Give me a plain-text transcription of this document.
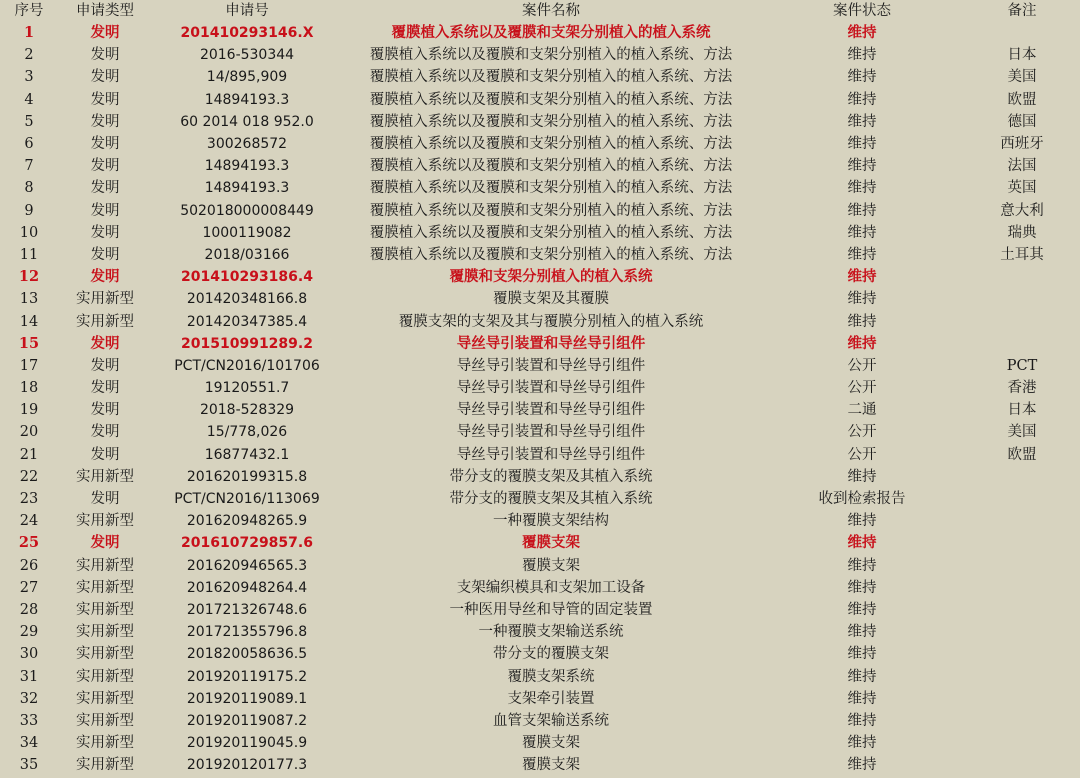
序号	申请类型	申请号	案件名称	案件状态	备注
1	发明	201410293146.X	覆膜植入系统以及覆膜和支架分别植入的植入系统	维持	
2	发明	2016-530344	覆膜植入系统以及覆膜和支架分别植入的植入系统、方法	维持	日本
3	发明	14/895,909	覆膜植入系统以及覆膜和支架分别植入的植入系统、方法	维持	美国
4	发明	14894193.3	覆膜植入系统以及覆膜和支架分别植入的植入系统、方法	维持	欧盟
5	发明	60 2014 018 952.0	覆膜植入系统以及覆膜和支架分别植入的植入系统、方法	维持	德国
6	发明	300268572	覆膜植入系统以及覆膜和支架分别植入的植入系统、方法	维持	西班牙
7	发明	14894193.3	覆膜植入系统以及覆膜和支架分别植入的植入系统、方法	维持	法国
8	发明	14894193.3	覆膜植入系统以及覆膜和支架分别植入的植入系统、方法	维持	英国
9	发明	502018000008449	覆膜植入系统以及覆膜和支架分别植入的植入系统、方法	维持	意大利
10	发明	1000119082	覆膜植入系统以及覆膜和支架分别植入的植入系统、方法	维持	瑞典
11	发明	2018/03166	覆膜植入系统以及覆膜和支架分别植入的植入系统、方法	维持	土耳其
12	发明	201410293186.4	覆膜和支架分别植入的植入系统	维持	
13	实用新型	201420348166.8	覆膜支架及其覆膜	维持	
14	实用新型	201420347385.4	覆膜支架的支架及其与覆膜分别植入的植入系统	维持	
15	发明	201510991289.2	导丝导引装置和导丝导引组件	维持	
17	发明	PCT/CN2016/101706	导丝导引装置和导丝导引组件	公开	PCT
18	发明	19120551.7	导丝导引装置和导丝导引组件	公开	香港
19	发明	2018-528329	导丝导引装置和导丝导引组件	二通	日本
20	发明	15/778,026	导丝导引装置和导丝导引组件	公开	美国
21	发明	16877432.1	导丝导引装置和导丝导引组件	公开	欧盟
22	实用新型	201620199315.8	带分支的覆膜支架及其植入系统	维持	
23	发明	PCT/CN2016/113069	带分支的覆膜支架及其植入系统	收到检索报告	
24	实用新型	201620948265.9	一种覆膜支架结构	维持	
25	发明	201610729857.6	覆膜支架	维持	
26	实用新型	201620946565.3	覆膜支架	维持	
27	实用新型	201620948264.4	支架编织模具和支架加工设备	维持	
28	实用新型	201721326748.6	一种医用导丝和导管的固定装置	维持	
29	实用新型	201721355796.8	一种覆膜支架输送系统	维持	
30	实用新型	201820058636.5	带分支的覆膜支架	维持	
31	实用新型	201920119175.2	覆膜支架系统	维持	
32	实用新型	201920119089.1	支架牵引装置	维持	
33	实用新型	201920119087.2	血管支架输送系统	维持	
34	实用新型	201920119045.9	覆膜支架	维持	
35	实用新型	201920120177.3	覆膜支架	维持	
